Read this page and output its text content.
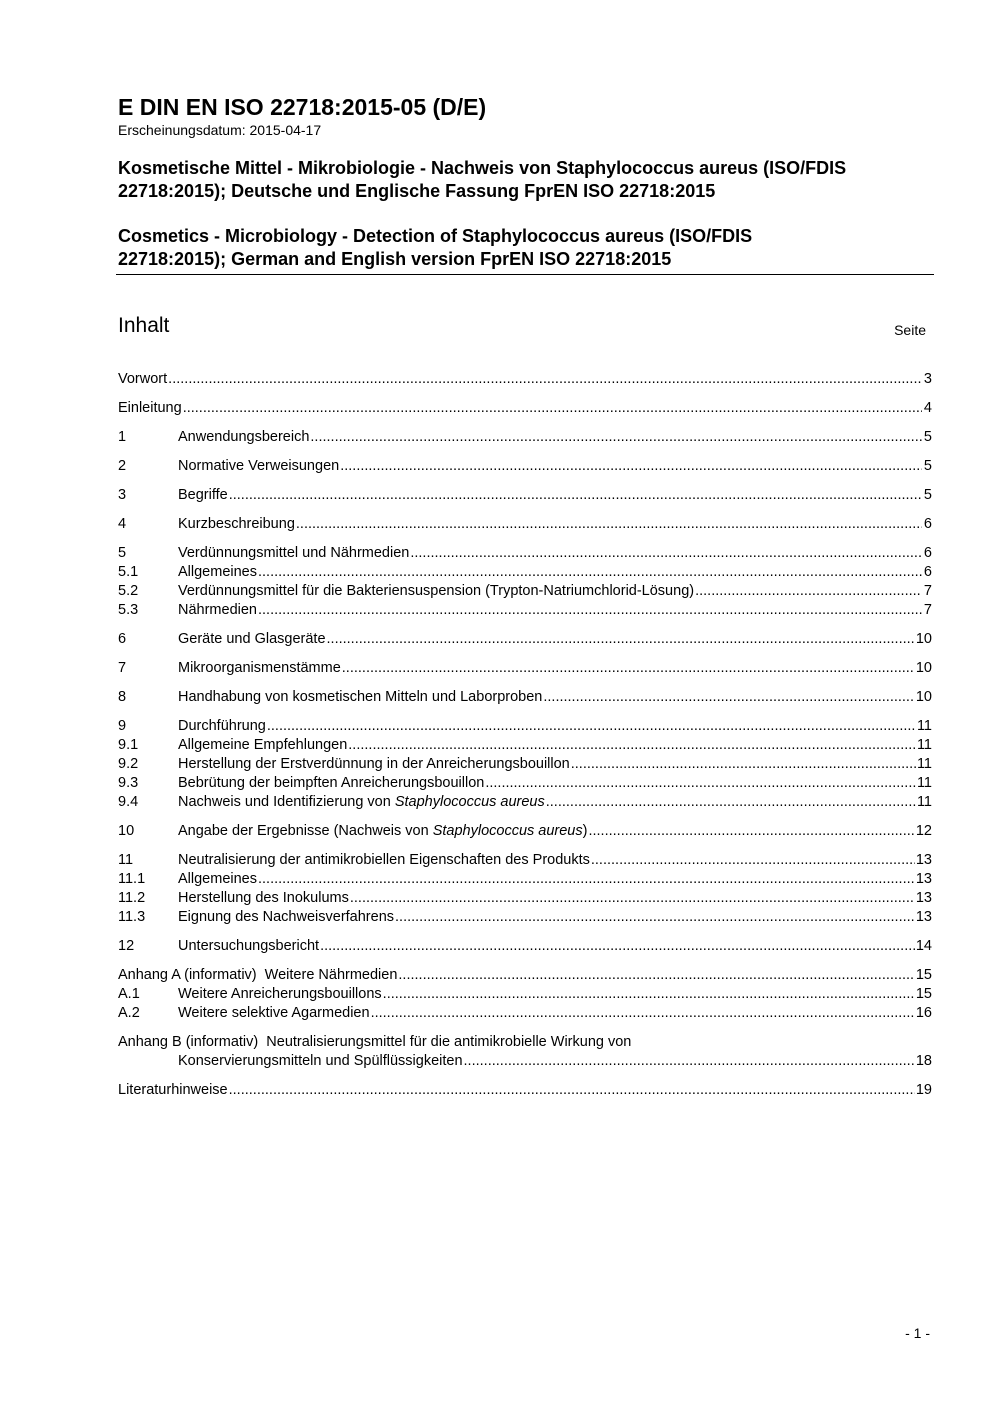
E DIN EN ISO 22718:2015-05 (D/E)

Erscheinungsdatum: 2015-04-17

Kosmetische Mittel - Mikrobiologie - Nachweis von Staphylococcus aureus (ISO/FDIS
22718:2015); Deutsche und Englische Fassung FprEN ISO 22718:2015
Cosmetics - Microbiology - Detection of Staphylococcus aureus (ISO/FDIS
22718:2015); German and English version FprEN ISO 22718:2015
Inhalt	Seite
Vorwort .....	3
Einleitung .....	4
1	Anwendungsbereich .....	5
2	Normative Verweisungen .....	5
3	Begriffe .....	5
4	Kurzbeschreibung .....	6
5	Verdünnungsmittel und Nährmedien .....	6
5.1	Allgemeines .....	6
5.2	Verdünnungsmittel für die Bakteriensuspension (Trypton-Natriumchlorid-Lösung) .....	7
5.3	Nährmedien .....	7
6	Geräte und Glasgeräte .....	10
7	Mikroorganismenstämme .....	10
8	Handhabung von kosmetischen Mitteln und Laborproben .....	10
9	Durchführung .....	11
9.1	Allgemeine Empfehlungen .....	11
9.2	Herstellung der Erstverdünnung in der Anreicherungsbouillon .....	11
9.3	Bebrütung der beimpften Anreicherungsbouillon .....	11
9.4	Nachweis und Identifizierung von Staphylococcus aureus .....	11
10	Angabe der Ergebnisse (Nachweis von Staphylococcus aureus) .....	12
11	Neutralisierung der antimikrobiellen Eigenschaften des Produkts .....	13
11.1	Allgemeines .....	13
11.2	Herstellung des Inokulums .....	13
11.3	Eignung des Nachweisverfahrens .....	13
12	Untersuchungsbericht .....	14
Anhang A (informativ)  Weitere Nährmedien .....	15
A.1	Weitere Anreicherungsbouillons .....	15
A.2	Weitere selektive Agarmedien .....	16
Anhang B (informativ)  Neutralisierungsmittel für die antimikrobielle Wirkung von
Konservierungsmitteln und Spülflüssigkeiten .....	18
Literaturhinweise .....	19
- 1 -
